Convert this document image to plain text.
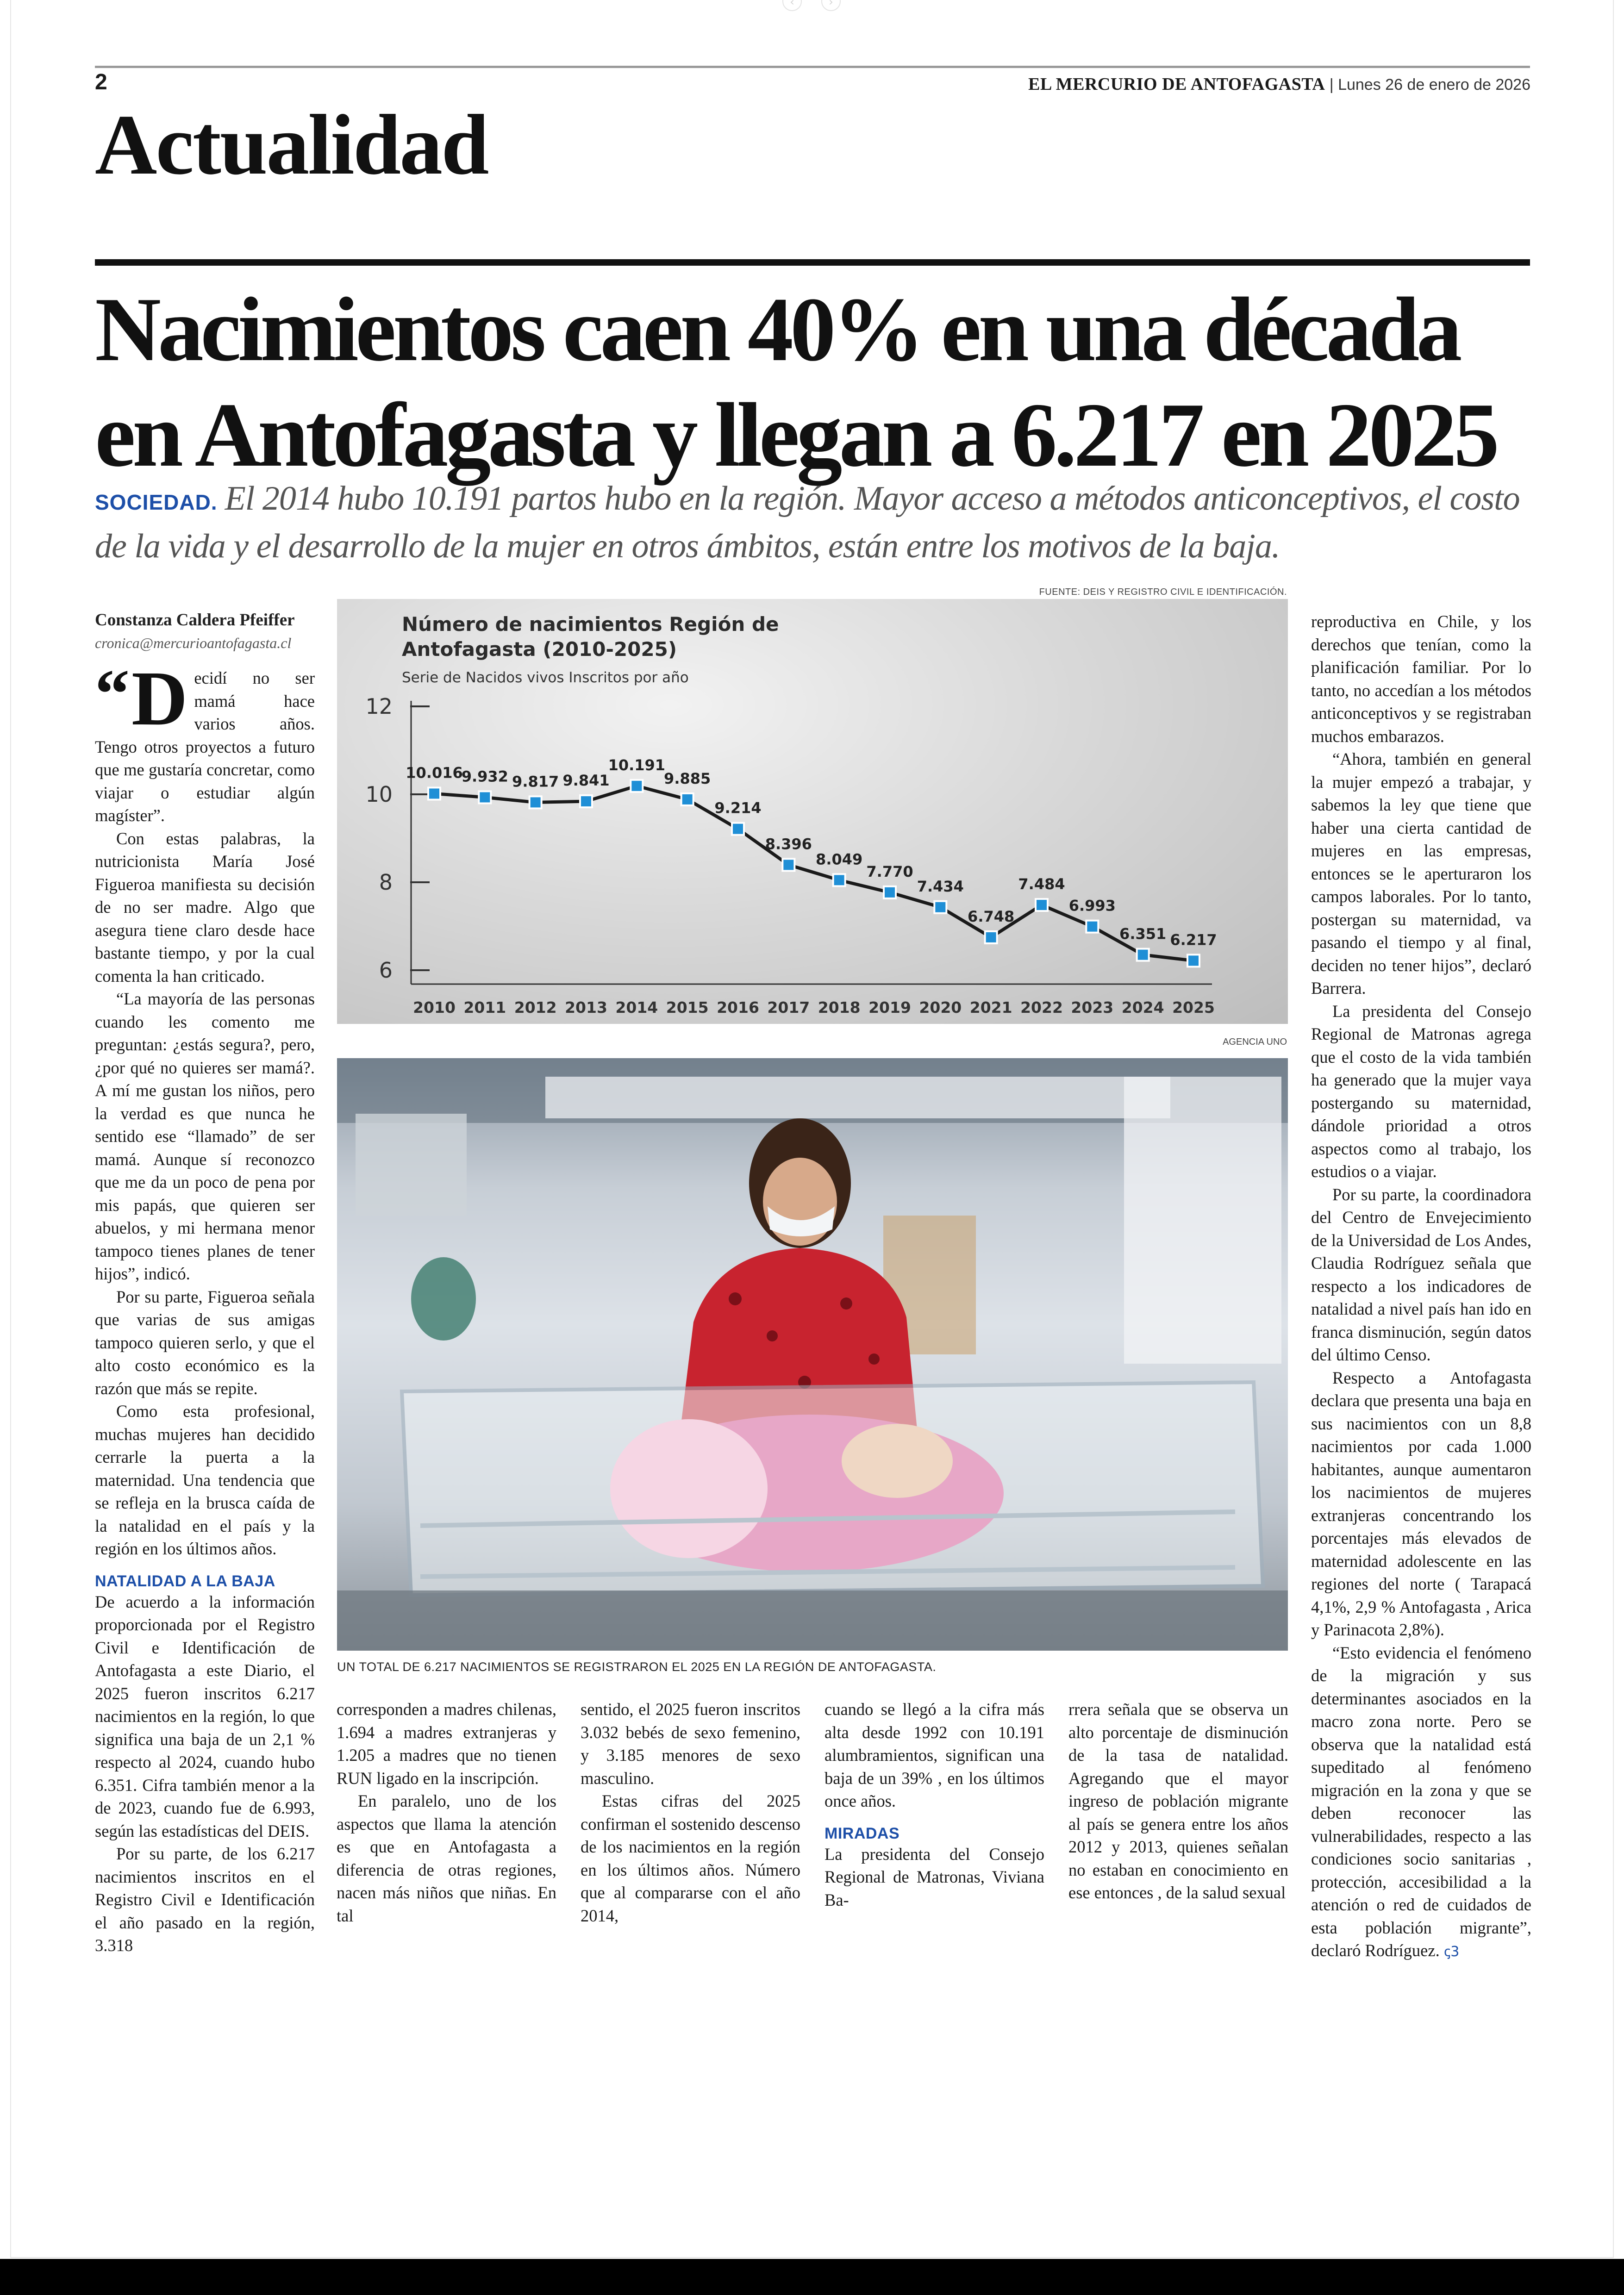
‹	›
2	EL MERCURIO DE ANTOFAGASTA | Lunes 26 de enero de 2026
Actualidad
Nacimientos caen 40% en una década
en Antofagasta y llegan a 6.217 en 2025
SOCIEDAD. El 2014 hubo 10.191 partos hubo en la región. Mayor acceso a métodos anticonceptivos, el costo de la vida y el desarrollo de la mujer en otros ámbitos, están entre los motivos de la baja.
Constanza Caldera Pfeiffer
cronica@mercurioantofagasta.cl
“ D ecidí no ser mamá hace varios años. Tengo otros proyectos a futuro que me gustaría concretar, como viajar o estudiar algún magíster”.

Con estas palabras, la nutricionista María José Figueroa manifiesta su decisión de no ser madre. Algo que asegura tiene claro desde hace bastante tiempo, y por la cual comenta la han criticado.

“La mayoría de las personas cuando les comento me preguntan: ¿estás segura?, pero, ¿por qué no quieres ser mamá?. A mí me gustan los niños, pero la verdad es que nunca he sentido ese “llamado” de ser mamá. Aunque sí reconozco que me da un poco de pena por mis papás, que quieren ser abuelos, y mi hermana menor tampoco tienes planes de tener hijos”, indicó.

Por su parte, Figueroa señala que varias de sus amigas tampoco quieren serlo, y que el alto costo económico es la razón que más se repite.

Como esta profesional, muchas mujeres han decidido cerrarle la puerta a la maternidad. Una tendencia que se refleja en la brusca caída de la natalidad en el país y la región en los últimos años.

NATALIDAD A LA BAJA

De acuerdo a la información proporcionada por el Registro Civil e Identificación de Antofagasta a este Diario, el 2025 fueron inscritos 6.217 nacimientos en la región, lo que significa una baja de un 2,1 % respecto al 2024, cuando hubo 6.351. Cifra también menor a la de 2023, cuando fue de 6.993, según las estadísticas del DEIS.

Por su parte, de los 6.217 nacimientos inscritos en el Registro Civil e Identificación el año pasado en la región, 3.318

FUENTE: DEIS Y REGISTRO CIVIL E IDENTIFICACIÓN.
6
8
10
12
10.016
2010
9.932
2011
9.817
2012
9.841
2013
10.191
2014
9.885
2015
9.214
2016
8.396
2017
8.049
2018
7.770
2019
7.434
2020
6.748
2021
7.484
2022
6.993
2023
6.351
2024
6.217
2025
Número de nacimientos Región de
Antofagasta (2010-2025)
Serie de Nacidos vivos Inscritos por año
AGENCIA UNO
UN TOTAL DE 6.217 NACIMIENTOS SE REGISTRARON EL 2025 EN LA REGIÓN DE ANTOFAGASTA.

corresponden a madres chilenas, 1.694 a madres extranjeras y 1.205 a madres que no tienen RUN ligado en la inscripción.

En paralelo, uno de los aspectos que llama la atención es que en Antofagasta a diferencia de otras regiones, nacen más niños que niñas. En tal

sentido, el 2025 fueron inscritos 3.032 bebés de sexo femenino, y 3.185 menores de sexo masculino.

Estas cifras del 2025 confirman el sostenido descenso de los nacimientos en la región en los últimos años. Número que al compararse con el año 2014,

cuando se llegó a la cifra más alta desde 1992 con 10.191 alumbramientos, significan una baja de un 39% , en los últimos once años.

MIRADAS

La presidenta del Consejo Regional de Matronas, Viviana Ba-

rrera señala que se observa un alto porcentaje de disminución de la tasa de natalidad. Agregando que el mayor ingreso de población migrante al país se genera entre los años 2012 y 2013, quienes señalan no estaban en conocimiento en ese entonces , de la salud sexual

reproductiva en Chile, y los derechos que tenían, como la planificación familiar. Por lo tanto, no accedían a los métodos anticonceptivos y se registraban muchos embarazos.

“Ahora, también en general la mujer empezó a trabajar, y sabemos la ley que tiene que haber una cierta cantidad de mujeres en las empresas, entonces se le aperturaron los campos laborales. Por lo tanto, postergan su maternidad, va pasando el tiempo y al final, deciden no tener hijos”, declaró Barrera.

La presidenta del Consejo Regional de Matronas agrega que el costo de la vida también ha generado que la mujer vaya postergando su maternidad, dándole prioridad a otros aspectos como al trabajo, los estudios o a viajar.

Por su parte, la coordinadora del Centro de Envejecimiento de la Universidad de Los Andes, Claudia Rodríguez señala que respecto a los indicadores de natalidad a nivel país han ido en franca disminución, según datos del último Censo.

Respecto a Antofagasta declara que presenta una baja en sus nacimientos con un 8,8 nacimientos por cada 1.000 habitantes, aunque aumentaron los nacimientos de mujeres extranjeras concentrando los porcentajes más elevados de maternidad adolescente en las regiones del norte ( Tarapacá 4,1%, 2,9 % Antofagasta , Arica y Parinacota 2,8%).

“Esto evidencia el fenómeno de la migración y sus determinantes asociados en la macro zona norte. Pero se observa que la natalidad está supeditado al fenómeno migración en la zona y que se deben reconocer las vulnerabilidades, respecto a las condiciones socio sanitarias , protección, accesibilidad a la atención o red de cuidados de esta población migrante”, declaró Rodríguez. ꞔ3
